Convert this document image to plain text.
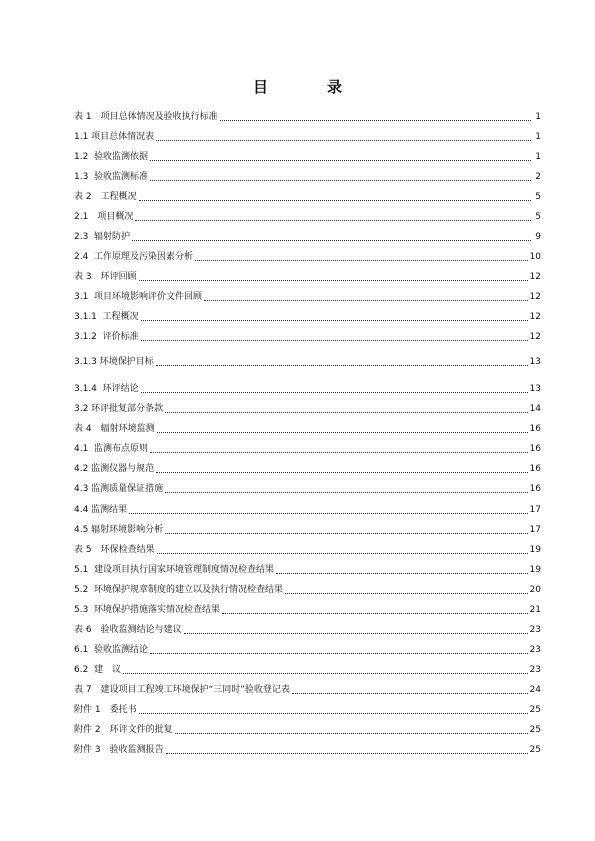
目　录
表 1　项目总体情况及验收执行标准	1
1.1 项目总体情况表	1
1.2  验收监测依据	1
1.3  验收监测标准	2
表 2　工程概况	5
2.1　项目概况	5
2.3  辐射防护	9
2.4  工作原理及污染因素分析	10
表 3　环评回顾	12
3.1  项目环境影响评价文件回顾	12
3.1.1  工程概况	12
3.1.2  评价标准	12
3.1.3 环境保护目标	13
3.1.4  环评结论	13
3.2 环评批复部分条款	14
表 4　辐射环境监测	16
4.1  监测布点原则	16
4.2 监测仪器与规范	16
4.3 监测质量保证措施	16
4.4 监测结果	17
4.5 辐射环境影响分析	17
表 5　环保检查结果	19
5.1  建设项目执行国家环境管理制度情况检查结果	19
5.2  环境保护规章制度的建立以及执行情况检查结果	20
5.3  环境保护措施落实情况检查结果	21
表 6　验收监测结论与建议	23
6.1  验收监测结论	23
6.2  建　议	23
表 7　建设项目工程竣工环境保护“三同时”验收登记表	24
附件 1　委托书	25
附件 2　环评文件的批复	25
附件 3　验收监测报告	25
